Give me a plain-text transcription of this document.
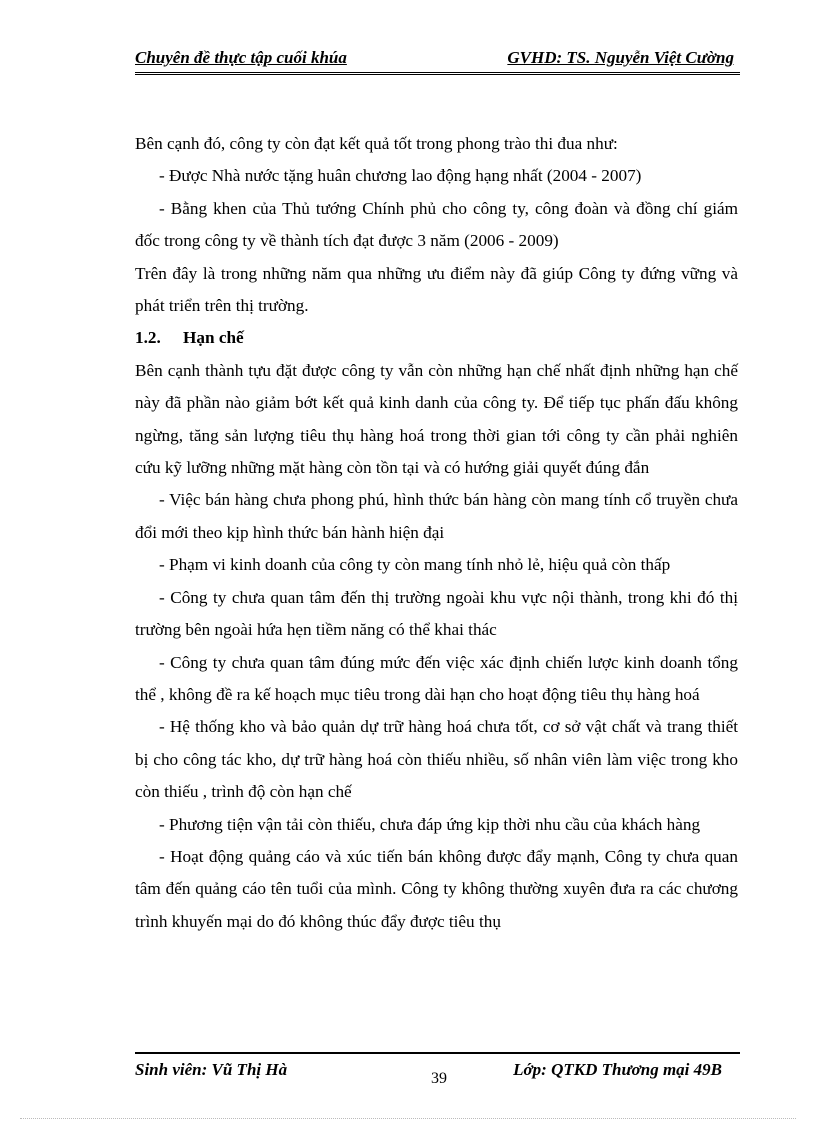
Chuyên đề thực tập cuối khúa	GVHD: TS. Nguyễn Việt Cường

Bên cạnh đó, công ty còn đạt kết quả tốt trong phong trào thi đua như:

- Được Nhà nước tặng huân chương lao động hạng nhất (2004 - 2007)

- Bằng khen của Thủ tướng Chính phủ cho công ty, công đoàn và đồng chí giám đốc trong công ty về thành tích đạt được 3 năm (2006 - 2009)

Trên đây là trong những năm qua những ưu điểm này đã giúp Công ty đứng vững và phát triển trên thị trường.

1.2. Hạn chế

Bên cạnh thành tựu đặt được công ty vẫn còn những hạn chế nhất định những hạn chế này đã phần nào giảm bớt kết quả kinh danh của công ty. Để tiếp tục phấn đấu không ngừng, tăng sản lượng tiêu thụ hàng hoá trong thời gian tới công ty cần phải nghiên cứu kỹ lưỡng những mặt hàng còn tồn tại và có hướng giải quyết đúng đắn

- Việc bán hàng chưa phong phú, hình thức bán hàng còn mang tính cổ truyền chưa đổi mới theo kịp hình thức bán hành hiện đại

- Phạm vi kinh doanh của công ty còn mang tính nhỏ lẻ, hiệu quả còn thấp

- Công ty chưa quan tâm đến thị trường ngoài khu vực nội thành, trong khi đó thị trường bên ngoài hứa hẹn tiềm năng có thể khai thác

- Công ty chưa quan tâm đúng mức đến việc xác định chiến lược kinh doanh tổng thể , không đề ra kế hoạch mục tiêu trong dài hạn cho hoạt động tiêu thụ hàng hoá

- Hệ thống kho và bảo quản dự trữ hàng hoá chưa tốt, cơ sở vật chất và trang thiết bị cho công tác kho, dự trữ hàng hoá còn thiếu nhiều, số nhân viên làm việc trong kho còn thiếu , trình độ còn hạn chế

- Phương tiện vận tải còn thiếu, chưa đáp ứng kịp thời nhu cầu của khách hàng

- Hoạt động quảng cáo và xúc tiến bán không được đẩy mạnh, Công ty chưa quan tâm đến quảng cáo tên tuổi của mình. Công ty không thường xuyên đưa ra các chương trình khuyến mại do đó không thúc đẩy được tiêu thụ

Sinh viên: Vũ Thị Hà	39	Lớp: QTKD Thương mại 49B
